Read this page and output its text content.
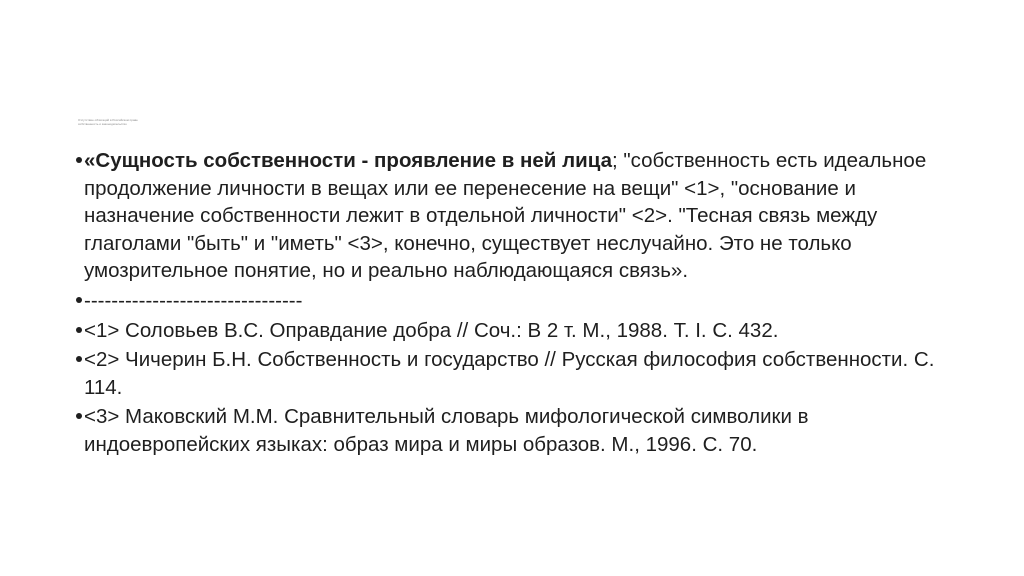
Отсутствие облигаций в Российском праве
собственность и законодательство
«Сущность собственности - проявление в ней лица; "собственность есть идеальное продолжение личности в вещах или ее перенесение на вещи" <1>, "основание и назначение собственности лежит в отдельной личности" <2>. "Тесная связь между глаголами "быть" и "иметь" <3>, конечно, существует неслучайно. Это не только умозрительное понятие, но и реально наблюдающаяся связь».
--------------------------------
<1> Соловьев В.С. Оправдание добра // Соч.: В 2 т. М., 1988. Т. I. С. 432.
<2> Чичерин Б.Н. Собственность и государство // Русская философия собственности. С. 114.
<3> Маковский М.М. Сравнительный словарь мифологической символики в индоевропейских языках: образ мира и миры образов. М., 1996. С. 70.
